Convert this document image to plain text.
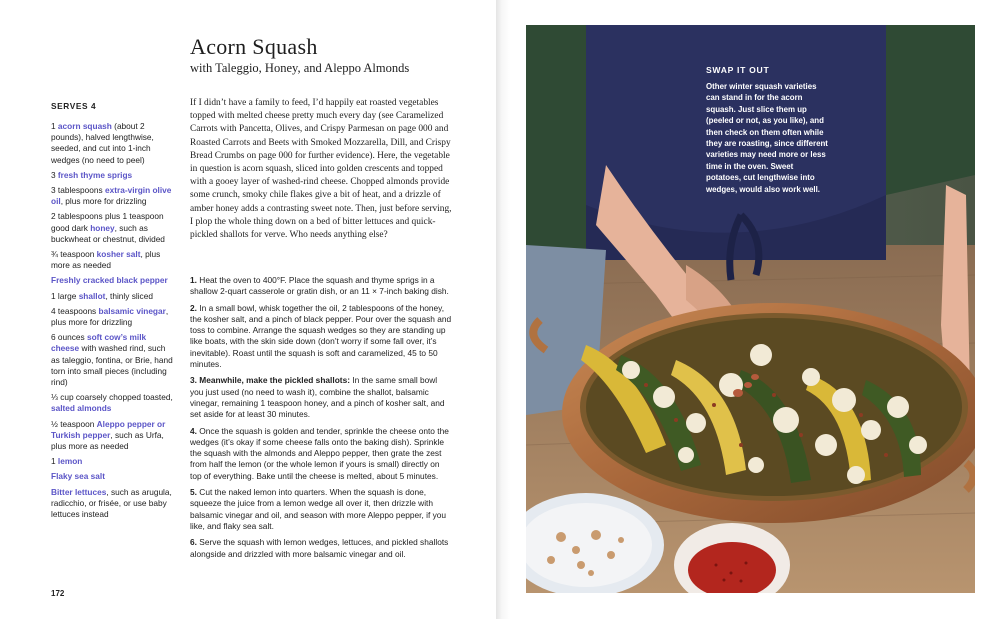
Acorn Squash
with Taleggio, Honey, and Aleppo Almonds
SERVES 4
1 acorn squash (about 2 pounds), halved lengthwise, seeded, and cut into 1-inch wedges (no need to peel)
3 fresh thyme sprigs
3 tablespoons extra-virgin olive oil, plus more for drizzling
2 tablespoons plus 1 teaspoon good dark honey, such as buckwheat or chestnut, divided
¾ teaspoon kosher salt, plus more as needed
Freshly cracked black pepper
1 large shallot, thinly sliced
4 teaspoons balsamic vinegar, plus more for drizzling
6 ounces soft cow’s milk cheese with washed rind, such as taleggio, fontina, or Brie, hand torn into small pieces (including rind)
⅓ cup coarsely chopped toasted, salted almonds
½ teaspoon Aleppo pepper or Turkish pepper, such as Urfa, plus more as needed
1 lemon
Flaky sea salt
Bitter lettuces, such as arugula, radicchio, or frisée, or use baby lettuces instead

If I didn’t have a family to feed, I’d happily eat roasted vegetables topped with melted cheese pretty much every day (see Caramelized Carrots with Pancetta, Olives, and Crispy Parmesan on page 000 and Roasted Carrots and Beets with Smoked Mozzarella, Dill, and Crispy Bread Crumbs on page 000 for further evidence). Here, the vegetable in question is acorn squash, sliced into golden crescents and topped with a gooey layer of washed-rind cheese. Chopped almonds provide some crunch, smoky chile flakes give a bit of heat, and a drizzle of amber honey adds a contrasting sweet note. Then, just before serving, I plop the whole thing down on a bed of bitter lettuces and quick-pickled shallots for verve. Who needs anything else?

1. Heat the oven to 400°F. Place the squash and thyme sprigs in a shallow 2-quart casserole or gratin dish, or an 11 × 7-inch baking dish.
2. In a small bowl, whisk together the oil, 2 tablespoons of the honey, the kosher salt, and a pinch of black pepper. Pour over the squash and toss to combine. Arrange the squash wedges so they are standing up like boats, with the skin side down (don’t worry if some fall over, it’s inevitable). Roast until the squash is soft and caramelized, 45 to 50 minutes.
3. Meanwhile, make the pickled shallots: In the same small bowl you just used (no need to wash it), combine the shallot, balsamic vinegar, remaining 1 teaspoon honey, and a pinch of kosher salt, and set aside for at least 30 minutes.
4. Once the squash is golden and tender, sprinkle the cheese onto the wedges (it’s okay if some cheese falls onto the baking dish). Sprinkle the squash with the almonds and Aleppo pepper, then grate the zest from half the lemon (or the whole lemon if yours is small) directly on top of everything. Bake until the cheese is melted, about 5 minutes.
5. Cut the naked lemon into quarters. When the squash is done, squeeze the juice from a lemon wedge all over it, then drizzle with balsamic vinegar and oil, and season with more Aleppo pepper, if you like, and flaky sea salt.
6. Serve the squash with lemon wedges, lettuces, and pickled shallots alongside and drizzled with more balsamic vinegar and oil.
172
SWAP IT OUT
Other winter squash varieties can stand in for the acorn squash. Just slice them up (peeled or not, as you like), and then check on them often while they are roasting, since different varieties may need more or less time in the oven. Sweet potatoes, cut lengthwise into wedges, would also work well.
